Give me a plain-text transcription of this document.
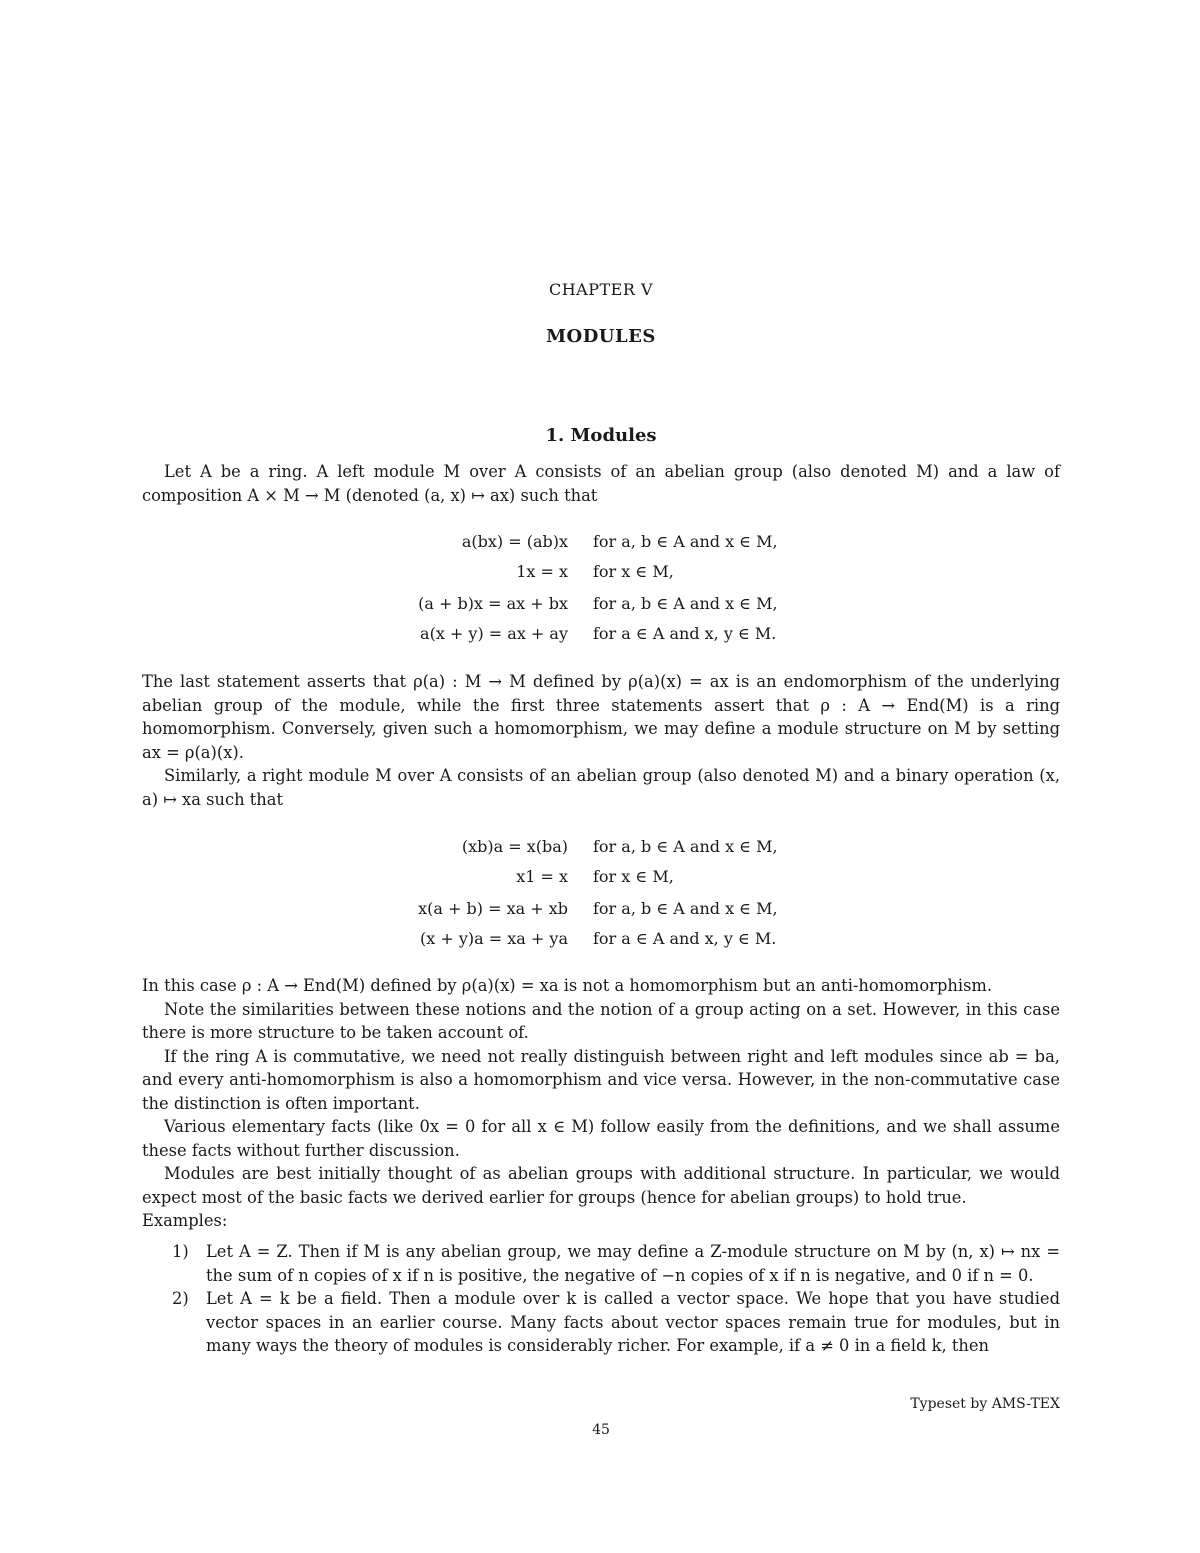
CHAPTER V
MODULES
1. Modules

Let A be a ring. A left module M over A consists of an abelian group (also denoted M) and a law of composition A × M → M (denoted (a, x) ↦ ax) such that

a(bx) = (ab)x for a, b ∈ A and x ∈ M,
1x = x for x ∈ M,
(a + b)x = ax + bx for a, b ∈ A and x ∈ M,
a(x + y) = ax + ay for a ∈ A and x, y ∈ M.

The last statement asserts that ρ(a) : M → M defined by ρ(a)(x) = ax is an endomorphism of the underlying abelian group of the module, while the first three statements assert that ρ : A → End(M) is a ring homomorphism. Conversely, given such a homomorphism, we may define a module structure on M by setting ax = ρ(a)(x).

Similarly, a right module M over A consists of an abelian group (also denoted M) and a binary operation (x, a) ↦ xa such that

(xb)a = x(ba) for a, b ∈ A and x ∈ M,
x1 = x for x ∈ M,
x(a + b) = xa + xb for a, b ∈ A and x ∈ M,
(x + y)a = xa + ya for a ∈ A and x, y ∈ M.

In this case ρ : A → End(M) defined by ρ(a)(x) = xa is not a homomorphism but an anti-homomorphism.

Note the similarities between these notions and the notion of a group acting on a set. However, in this case there is more structure to be taken account of.

If the ring A is commutative, we need not really distinguish between right and left modules since ab = ba, and every anti-homomorphism is also a homomorphism and vice versa. However, in the non-commutative case the distinction is often important.

Various elementary facts (like 0x = 0 for all x ∈ M) follow easily from the definitions, and we shall assume these facts without further discussion.

Modules are best initially thought of as abelian groups with additional structure. In particular, we would expect most of the basic facts we derived earlier for groups (hence for abelian groups) to hold true.

Examples:

1) Let A = Z. Then if M is any abelian group, we may define a Z-module structure on M by (n, x) ↦ nx = the sum of n copies of x if n is positive, the negative of −n copies of x if n is negative, and 0 if n = 0.
2) Let A = k be a field. Then a module over k is called a vector space. We hope that you have studied vector spaces in an earlier course. Many facts about vector spaces remain true for modules, but in many ways the theory of modules is considerably richer. For example, if a ≠ 0 in a field k, then
Typeset by AMS-TEX
45
